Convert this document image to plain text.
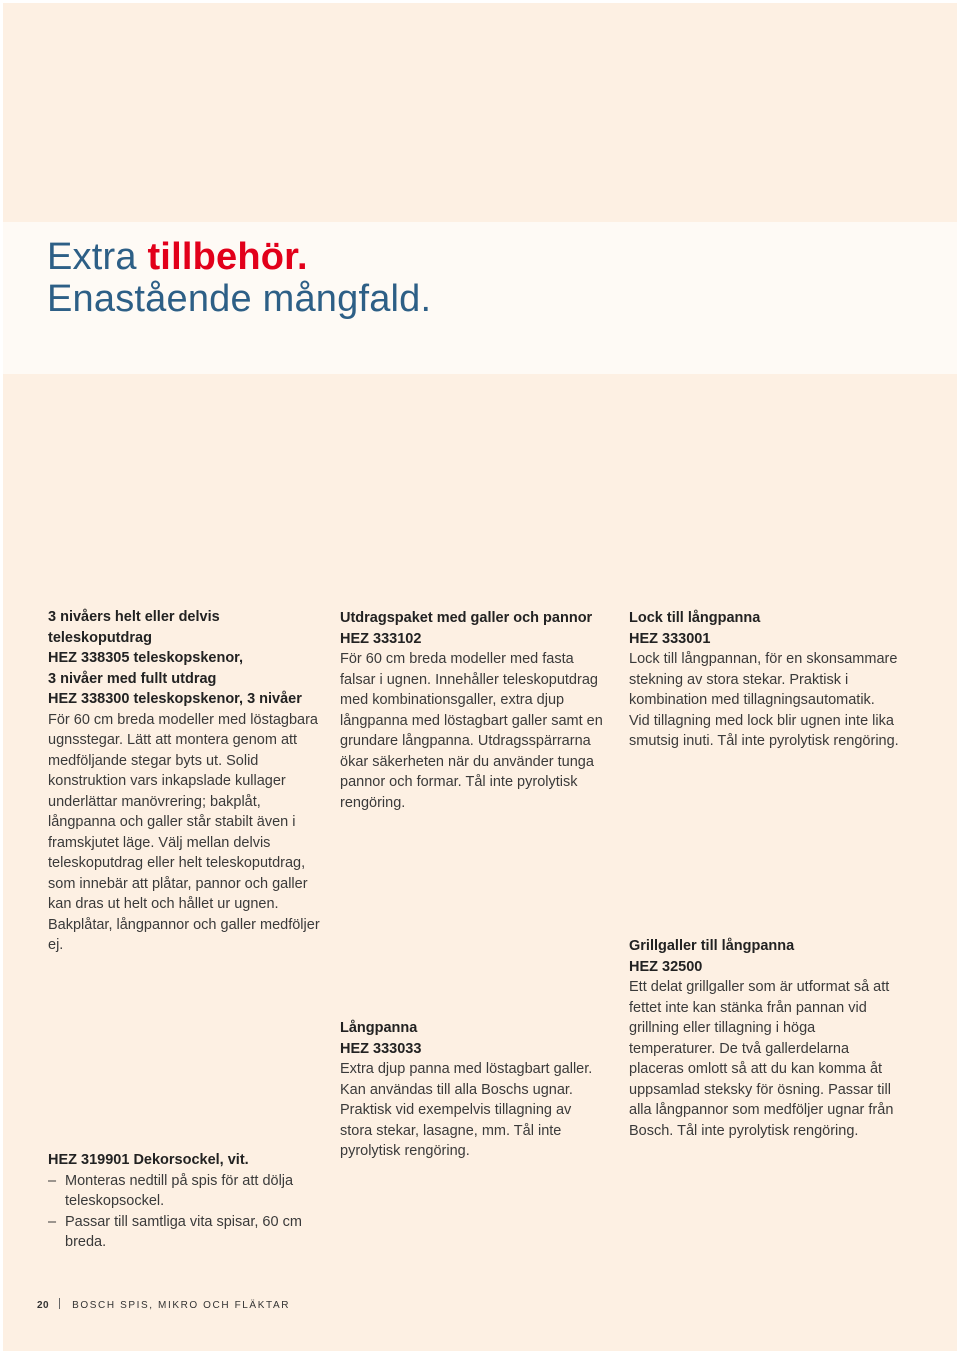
Extra tillbehör.
Enastående mångfald.

3 nivåers helt eller delvis

teleskoputdrag

HEZ 338305 teleskopskenor,

3 nivåer med fullt utdrag

HEZ 338300 teleskopskenor, 3 nivåer

För 60 cm breda modeller med löstagbara ugnsstegar. Lätt att montera genom att medföljande stegar byts ut. Solid konstruktion vars inkapslade kullager underlättar manövrering; bakplåt, långpanna och galler står stabilt även i framskjutet läge. Välj mellan delvis teleskoputdrag eller helt teleskoputdrag, som innebär att plåtar, pannor och galler kan dras ut helt och hållet ur ugnen.

Bakplåtar, långpannor och galler medföljer ej.

HEZ 319901 Dekorsockel, vit.

– Monteras nedtill på spis för att dölja teleskopsockel.
– Passar till samtliga vita spisar, 60 cm breda.

Utdragspaket med galler och pannor

HEZ 333102

För 60 cm breda modeller med fasta falsar i ugnen. Innehåller teleskoputdrag med kombinationsgaller, extra djup långpanna med löstagbart galler samt en grundare långpanna. Utdragsspärrarna ökar säkerheten när du använder tunga pannor och formar. Tål inte pyrolytisk rengöring.

Långpanna

HEZ 333033

Extra djup panna med löstagbart galler. Kan användas till alla Boschs ugnar. Praktisk vid exempelvis tillagning av stora stekar, lasagne, mm. Tål inte pyrolytisk rengöring.

Lock till långpanna

HEZ 333001

Lock till långpannan, för en skonsammare stekning av stora stekar. Praktisk i kombination med tillagningsautomatik. Vid tillagning med lock blir ugnen inte lika smutsig inuti. Tål inte pyrolytisk rengöring.

Grillgaller till långpanna

HEZ 32500

Ett delat grillgaller som är utformat så att fettet inte kan stänka från pannan vid grillning eller tillagning i höga temperaturer. De två gallerdelarna placeras omlott så att du kan komma åt uppsamlad steksky för ösning. Passar till alla långpannor som medföljer ugnar från Bosch. Tål inte pyrolytisk rengöring.

20 BOSCH SPIS, MIKRO OCH FLÄKTAR
